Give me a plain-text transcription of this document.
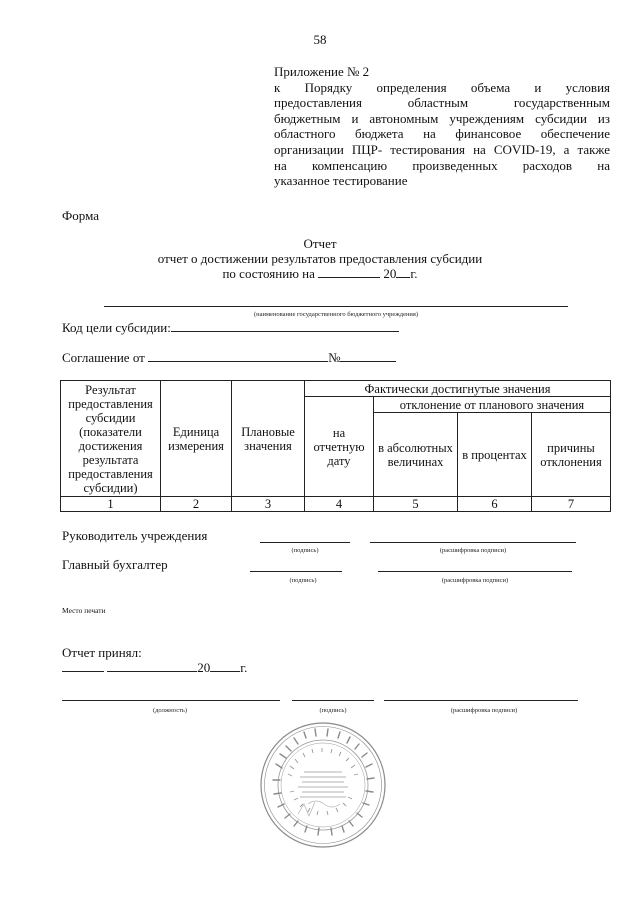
58
Приложение № 2
к Порядку определения объема и условия
предоставления областным государственным
бюджетным и автономным учреждениям субсидии из
областного бюджета на финансовое обеспечение
организации ПЦР- тестирования на COVID-19, а также
на компенсацию произведенных расходов на
указанное тестирование
Форма
Отчет
отчет о достижении результатов предоставления субсидии
по состоянию на	20 г.
(наименование государственного бюджетного учреждения)
Код цели субсидии:
Соглашение от	№
Результат предоставления субсидии (показатели достижения результата предоставления субсидии)	Единица измерения	Плановые значения	Фактически достигнутые значения			
			на отчетную дату	отклонение от планового значения		
				в абсолютных величинах	в процентах	причины отклонения
1	2	3	4	5	6	7
Руководитель учреждения
(подпись)	(расшифровка подписи)
Главный бухгалтер
(подпись)	(расшифровка подписи)
Место печати
Отчет принял:
20 г.
(должность)	(подпись)	(расшифровка подписи)
